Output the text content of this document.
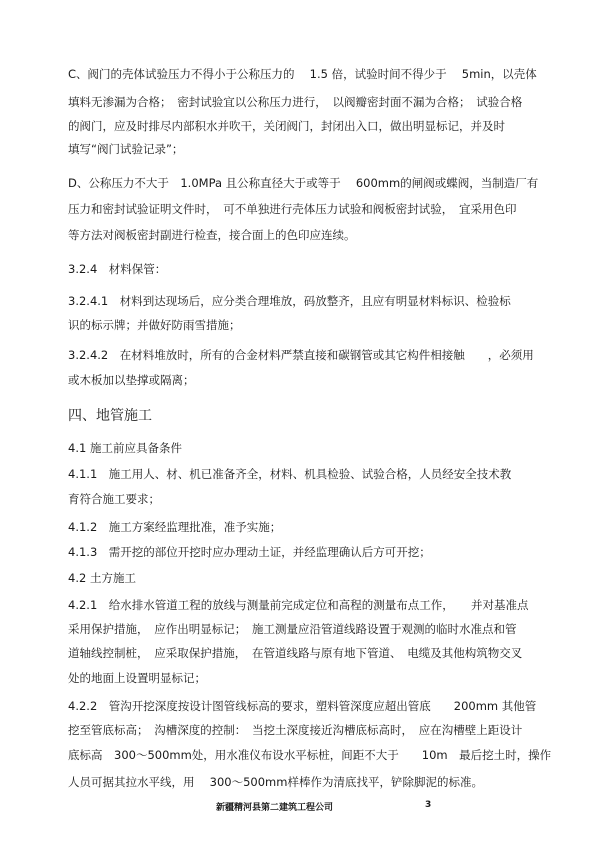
C、阀门的壳体试验压力不得小于公称压力的　 1.5 倍，试验时间不得少于　 5min，以壳体
填料无渗漏为合格；　密封试验宜以公称压力进行，　以阀瓣密封面不漏为合格；　试验合格
的阀门，应及时排尽内部积水并吹干，关闭阀门，封闭出入口，做出明显标记，并及时
填写“阀门试验记录”；
D、公称压力不大于　1.0MPa 且公称直径大于或等于　 600mm的闸阀或蝶阀，当制造厂有
压力和密封试验证明文件时，　可不单独进行壳体压力试验和阀板密封试验，　宜采用色印
等方法对阀板密封副进行检查，接合面上的色印应连续。
3.2.4　材料保管：
3.2.4.1　材料到达现场后，应分类合理堆放，码放整齐，且应有明显材料标识、检验标
识的标示牌；并做好防雨雪措施；
3.2.4.2　在材料堆放时，所有的合金材料严禁直接和碳钢管或其它构件相接触　　，必须用
或木板加以垫撑或隔离；
四、地管施工
4.1 施工前应具备条件
4.1.1　施工用人、材、机已准备齐全，材料、机具检验、试验合格，人员经安全技术教
育符合施工要求；
4.1.2　施工方案经监理批准，准予实施；
4.1.3　需开挖的部位开挖时应办理动土证，并经监理确认后方可开挖；
4.2 土方施工
4.2.1　给水排水管道工程的放线与测量前完成定位和高程的测量布点工作，　　并对基准点
采用保护措施，　应作出明显标记；　施工测量应沿管道线路设置于观测的临时水准点和管
道轴线控制桩，　应采取保护措施，　在管道线路与原有地下管道、　电缆及其他构筑物交叉
处的地面上设置明显标记；
4.2.2　管沟开挖深度按设计图管线标高的要求，塑料管深度应超出管底　　200mm 其他管
挖至管底标高；　沟槽深度的控制：　当挖土深度接近沟槽底标高时，　应在沟槽壁上距设计
底标高　300～500mm处，用水准仪布设水平标桩，间距不大于　　10m　最后挖土时，操作
人员可据其拉水平线，用　 300～500mm样棒作为清底找平，铲除脚泥的标准。
新疆精河县第二建筑工程公司	3
